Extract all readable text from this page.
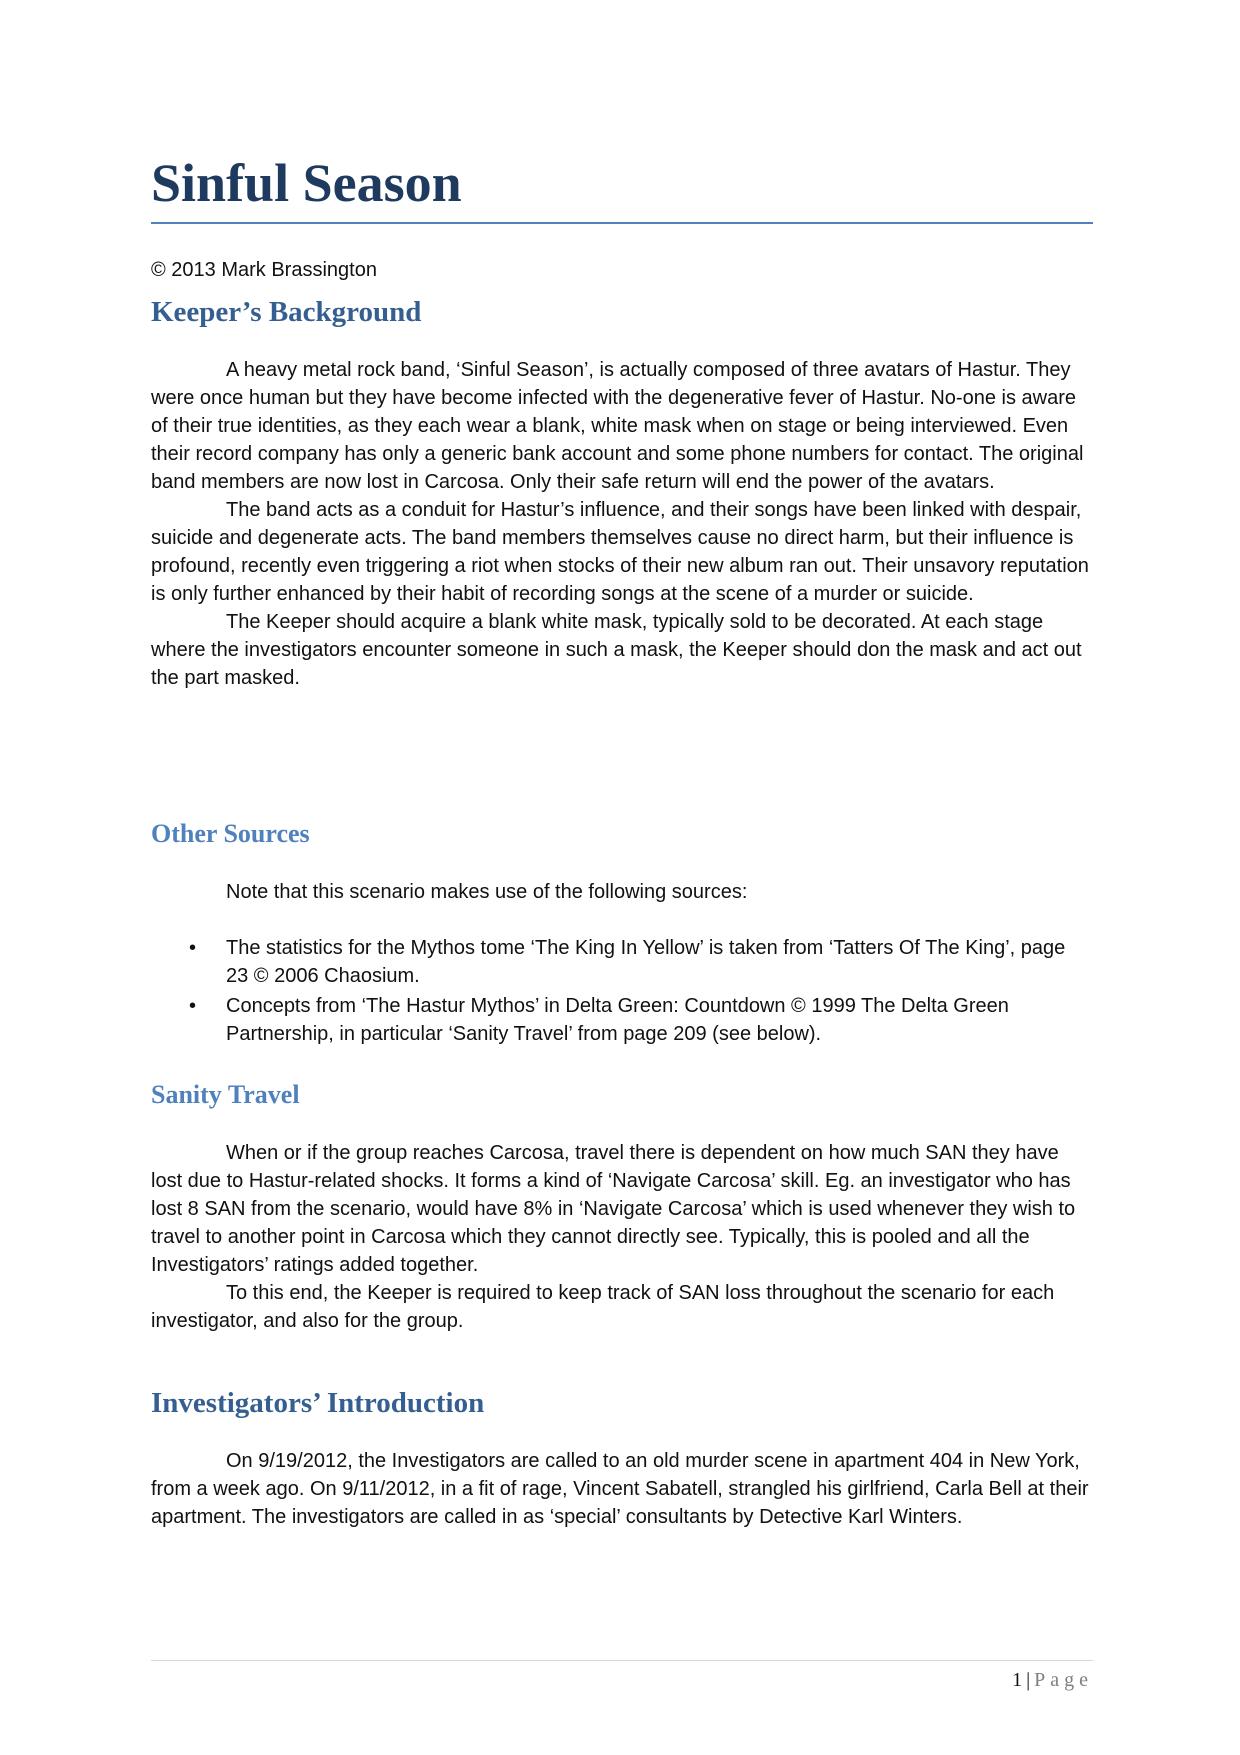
Sinful Season
© 2013 Mark Brassington
Keeper’s Background

A heavy metal rock band, ‘Sinful Season’, is actually composed of three avatars of Hastur. They were once human but they have become infected with the degenerative fever of Hastur. No-one is aware of their true identities, as they each wear a blank, white mask when on stage or being interviewed. Even their record company has only a generic bank account and some phone numbers for contact. The original band members are now lost in Carcosa. Only their safe return will end the power of the avatars.

The band acts as a conduit for Hastur’s influence, and their songs have been linked with despair, suicide and degenerate acts. The band members themselves cause no direct harm, but their influence is profound, recently even triggering a riot when stocks of their new album ran out. Their unsavory reputation is only further enhanced by their habit of recording songs at the scene of a murder or suicide.

The Keeper should acquire a blank white mask, typically sold to be decorated. At each stage where the investigators encounter someone in such a mask, the Keeper should don the mask and act out the part masked.

Other Sources

Note that this scenario makes use of the following sources:

• The statistics for the Mythos tome ‘The King In Yellow’ is taken from ‘Tatters Of The King’, page 23 © 2006 Chaosium.
• Concepts from ‘The Hastur Mythos’ in Delta Green: Countdown © 1999 The Delta Green Partnership, in particular ‘Sanity Travel’ from page 209 (see below).
Sanity Travel

When or if the group reaches Carcosa, travel there is dependent on how much SAN they have lost due to Hastur-related shocks. It forms a kind of ‘Navigate Carcosa’ skill. Eg. an investigator who has lost 8 SAN from the scenario, would have 8% in ‘Navigate Carcosa’ which is used whenever they wish to travel to another point in Carcosa which they cannot directly see. Typically, this is pooled and all the Investigators’ ratings added together.

To this end, the Keeper is required to keep track of SAN loss throughout the scenario for each investigator, and also for the group.

Investigators’ Introduction

On 9/19/2012, the Investigators are called to an old murder scene in apartment 404 in New York, from a week ago. On 9/11/2012, in a fit of rage, Vincent Sabatell, strangled his girlfriend, Carla Bell at their apartment. The investigators are called in as ‘special’ consultants by Detective Karl Winters.

1 | Page
